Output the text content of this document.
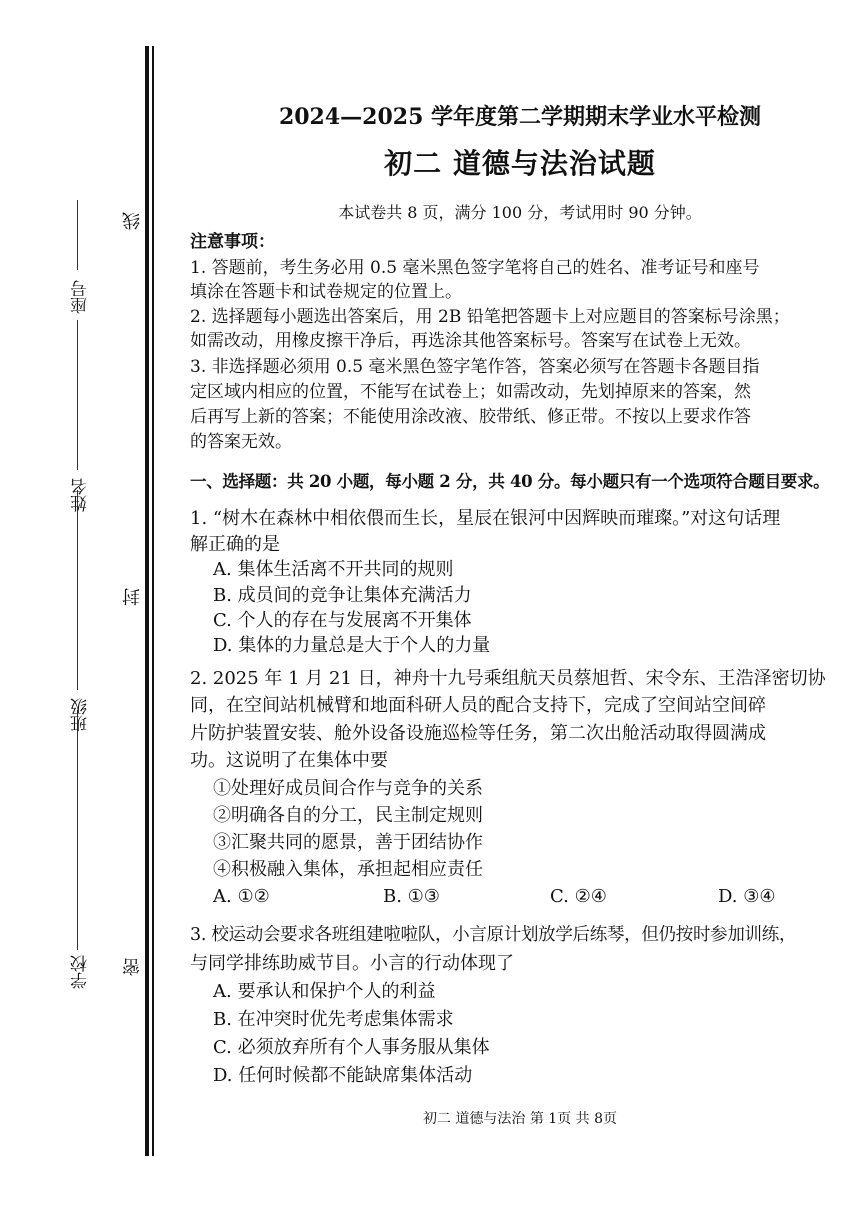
学校
班级
姓名
座号
密
封
线
2024—2025 学年度第二学期期末学业水平检测
初二 道德与法治试题
本试卷共 8 页，满分 100 分，考试用时 90 分钟。
注意事项：
1. 答题前，考生务必用 0.5 毫米黑色签字笔将自己的姓名、准考证号和座号
填涂在答题卡和试卷规定的位置上。
2. 选择题每小题选出答案后，用 2B 铅笔把答题卡上对应题目的答案标号涂黑；
如需改动，用橡皮擦干净后，再选涂其他答案标号。答案写在试卷上无效。
3. 非选择题必须用 0.5 毫米黑色签字笔作答，答案必须写在答题卡各题目指
定区域内相应的位置，不能写在试卷上；如需改动，先划掉原来的答案，然
后再写上新的答案；不能使用涂改液、胶带纸、修正带。不按以上要求作答
的答案无效。
一、选择题：共 20 小题，每小题 2 分，共 40 分。每小题只有一个选项符合题目要求。
1. “树木在森林中相依偎而生长，星辰在银河中因辉映而璀璨。”对这句话理
解正确的是
A. 集体生活离不开共同的规则
B. 成员间的竞争让集体充满活力
C. 个人的存在与发展离不开集体
D. 集体的力量总是大于个人的力量
2. 2025 年 1 月 21 日，神舟十九号乘组航天员蔡旭哲、宋令东、王浩泽密切协
同，在空间站机械臂和地面科研人员的配合支持下，完成了空间站空间碎
片防护装置安装、舱外设备设施巡检等任务，第二次出舱活动取得圆满成
功。这说明了在集体中要
①处理好成员间合作与竞争的关系
②明确各自的分工，民主制定规则
③汇聚共同的愿景，善于团结协作
④积极融入集体，承担起相应责任
A. ①②	B. ①③	C. ②④	D. ③④
3. 校运动会要求各班组建啦啦队，小言原计划放学后练琴，但仍按时参加训练，
与同学排练助威节目。小言的行动体现了
A. 要承认和保护个人的利益
B. 在冲突时优先考虑集体需求
C. 必须放弃所有个人事务服从集体
D. 任何时候都不能缺席集体活动
初二 道德与法治 第 1页 共 8页
